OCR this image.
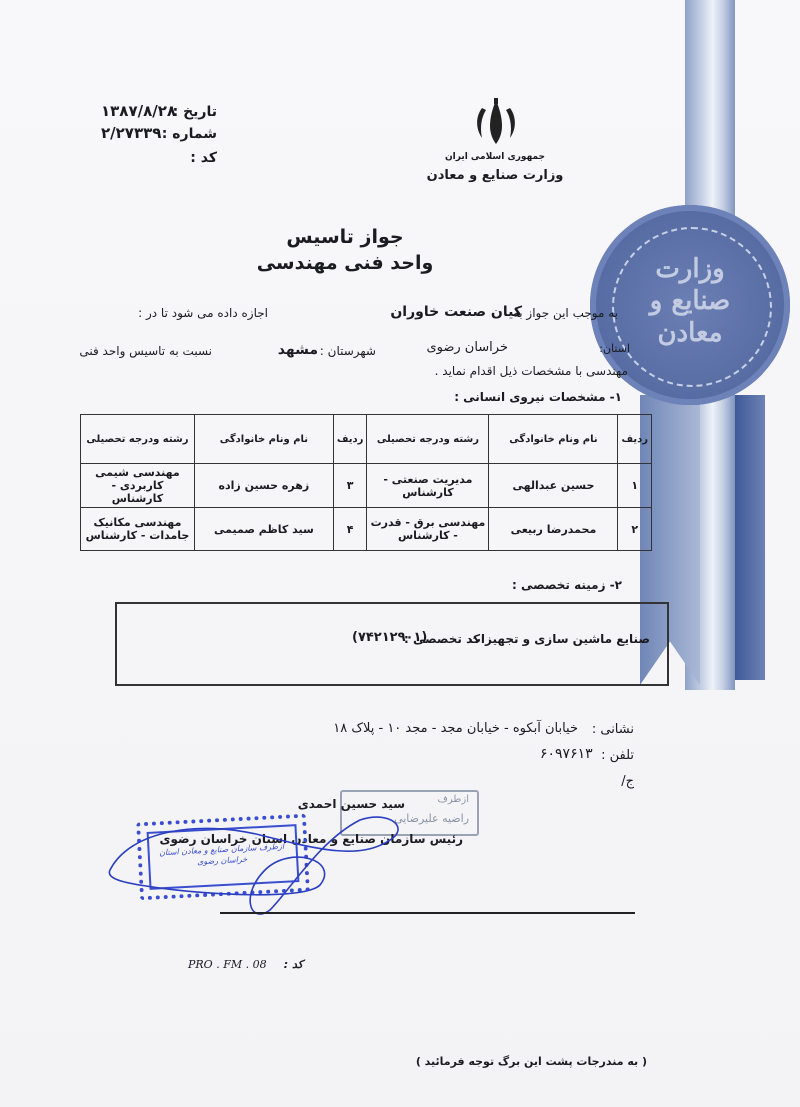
وزارت
صنایع و
معادن
تاریخ :
۱۳۸۷/۸/۲۸
شماره :
۲/۲۷۳۳۹
کد :	جمهوری اسلامی ایران
وزارت صنایع و معادن
جواز تاسیس
واحد فنی مهندسی
به موجب این جواز به
کیان صنعت خاوران
اجازه داده می شود تا در :
استان:
خراسان رضوی
شهرستان :
مشهد
نسبت به تاسیس واحد فنی
مهندسی با مشخصات ذیل اقدام نماید .
۱- مشخصات نیروی انسانی :
ردیف	نام ونام خانوادگی	رشته ودرجه تحصیلی	ردیف	نام ونام خانوادگی	رشته ودرجه تحصیلی
۱	حسین عبدالهی	مدیریت صنعتی - کارشناس	۳	زهره حسین زاده	مهندسی شیمی کاربردی - کارشناس
۲	محمدرضا ربیعی	مهندسی برق - قدرت - کارشناس	۴	سید کاظم صمیمی	مهندسی مکانیک جامدات - کارشناس
۲- زمینه تخصصی :
صنایع ماشین سازی و تجهیزات
کد تخصصی :
(۷۴۲۱۲۹۰۱)
نشانی :
خیابان آبکوه - خیابان مجد - مجد ۱۰ - پلاک ۱۸
تلفن :
۶۰۹۷۶۱۳
ج/
ازطرف
راضیه علیرضایی
سید حسین احمدی
رئیس سازمان صنایع و معادن استان خراسان رضوی
ازطرف سازمان صنایع و معادن استان خراسان رضوی
کد :
PRO . FM . 08
( به مندرجات پشت این برگ توجه فرمائید )
